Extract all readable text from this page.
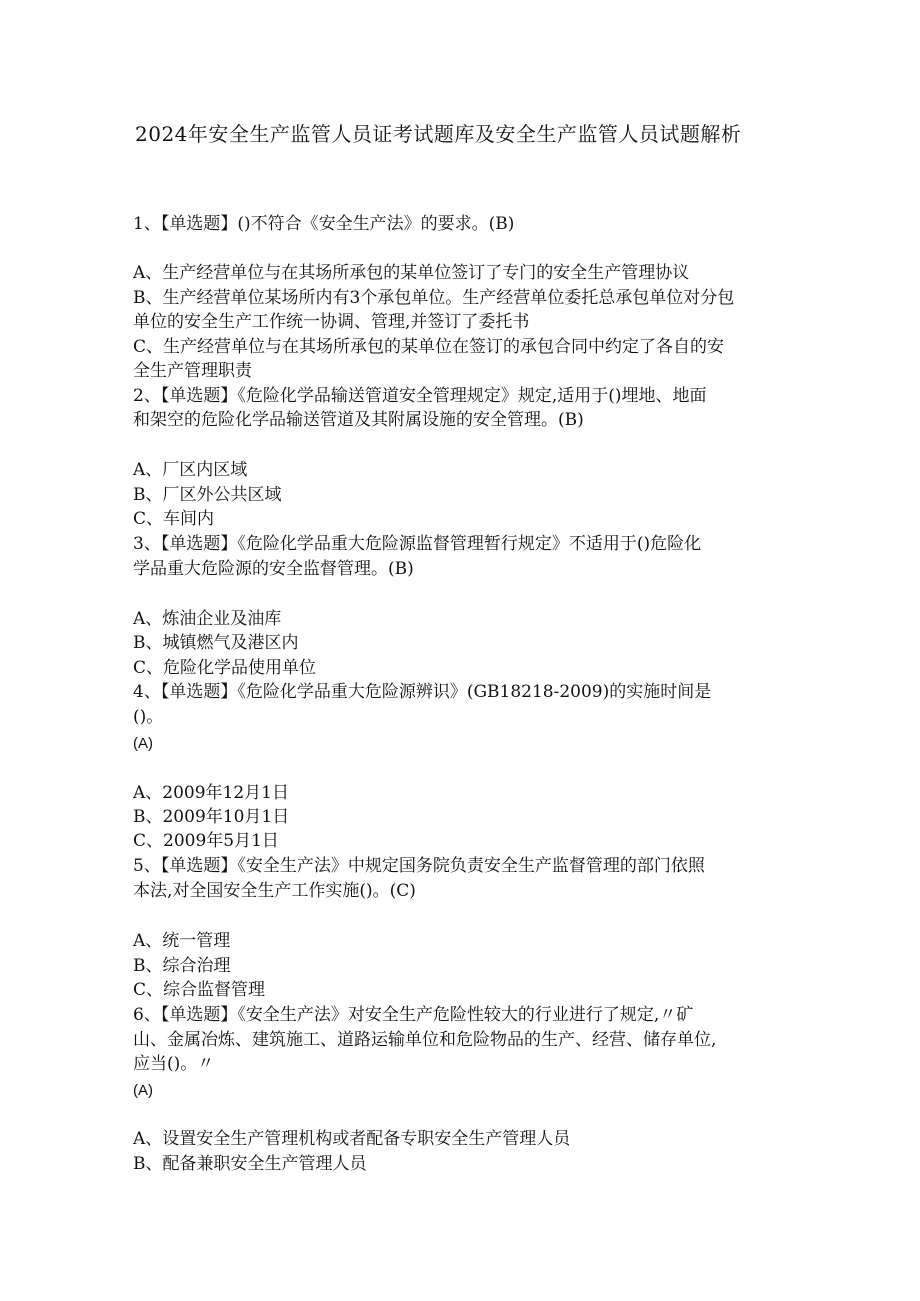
2024年安全生产监管人员证考试题库及安全生产监管人员试题解析

1、【单选题】()不符合《安全生产法》的要求。(B)

A、生产经营单位与在其场所承包的某单位签订了专门的安全生产管理协议

B、生产经营单位某场所内有3个承包单位。生产经营单位委托总承包单位对分包

单位的安全生产工作统一协调、管理,并签订了委托书

C、生产经营单位与在其场所承包的某单位在签订的承包合同中约定了各自的安

全生产管理职责

2、【单选题】《危险化学品输送管道安全管理规定》规定,适用于()埋地、地面

和架空的危险化学品输送管道及其附属设施的安全管理。(B)

A、厂区内区域

B、厂区外公共区域

C、车间内

3、【单选题】《危险化学品重大危险源监督管理暂行规定》不适用于()危险化

学品重大危险源的安全监督管理。(B)

A、炼油企业及油库

B、城镇燃气及港区内

C、危险化学品使用单位

4、【单选题】《危险化学品重大危险源辨识》(GB18218-2009)的实施时间是

()。

(A)

A、2009年12月1日

B、2009年10月1日

C、2009年5月1日

5、【单选题】《安全生产法》中规定国务院负责安全生产监督管理的部门依照

本法,对全国安全生产工作实施()。(C)

A、统一管理

B、综合治理

C、综合监督管理

6、【单选题】《安全生产法》对安全生产危险性较大的行业进行了规定,〃矿

山、金属冶炼、建筑施工、道路运输单位和危险物品的生产、经营、储存单位,

应当()。〃

(A)

A、设置安全生产管理机构或者配备专职安全生产管理人员

B、配备兼职安全生产管理人员
